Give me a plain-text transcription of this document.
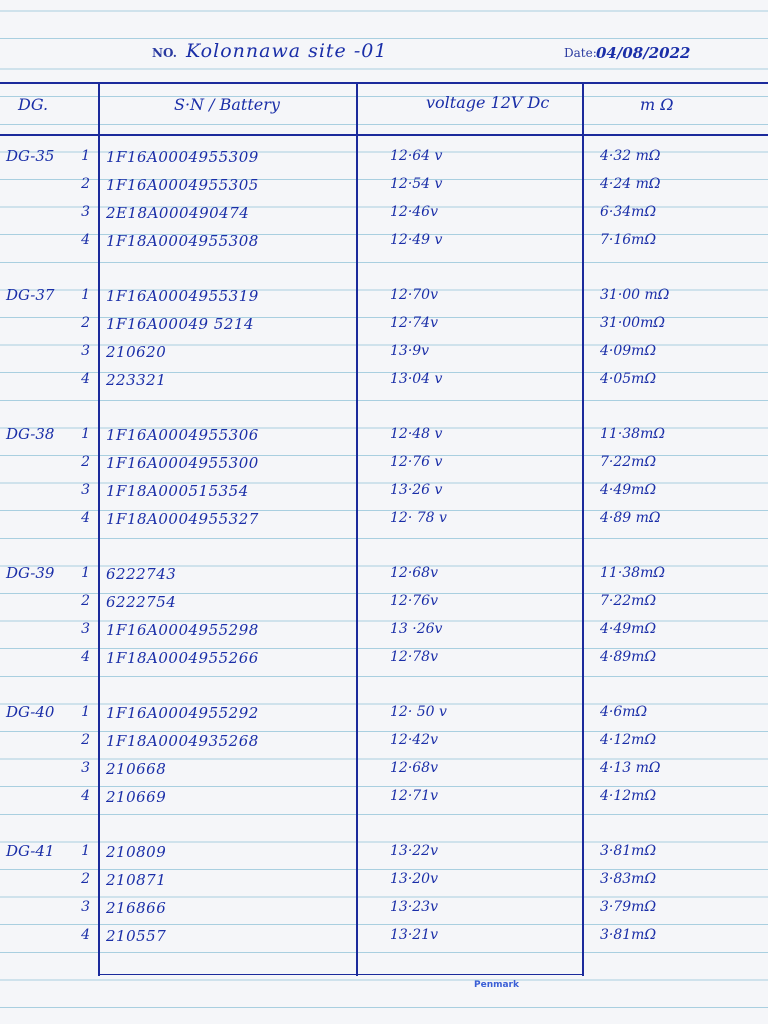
NO. Kolonnawa site -01	Date: 04/08/2022
DG.	S·N / Battery	voltage 12V Dc	m Ω
DG-35	1 1F16A0004955309	12·64 v	4·32 mΩ
2 1F16A0004955305	12·54 v	4·24 mΩ
3 2E18A000490474	12·46v	6·34mΩ
4 1F18A0004955308	12·49 v	7·16mΩ
DG-37	1 1F16A0004955319	12·70v	31·00 mΩ
2 1F16A00049 5214	12·74v	31·00mΩ
3 210620	13·9v	4·09mΩ
4 223321	13·04 v	4·05mΩ
DG-38	1 1F16A0004955306	12·48 v	11·38mΩ
2 1F16A0004955300	12·76 v	7·22mΩ
3 1F18A000515354	13·26 v	4·49mΩ
4 1F18A0004955327	12· 78 v	4·89 mΩ
DG-39	1 6222743	12·68v	11·38mΩ
2 6222754	12·76v	7·22mΩ
3 1F16A0004955298	13 ·26v	4·49mΩ
4 1F18A0004955266	12·78v	4·89mΩ
DG-40	1 1F16A0004955292	12· 50 v	4·6mΩ
2 1F18A0004935268	12·42v	4·12mΩ
3 210668	12·68v	4·13 mΩ
4 210669	12·71v	4·12mΩ
DG-41	1 210809	13·22v	3·81mΩ
2 210871	13·20v	3·83mΩ
3 216866	13·23v	3·79mΩ
4 210557	13·21v	3·81mΩ
Penmark
